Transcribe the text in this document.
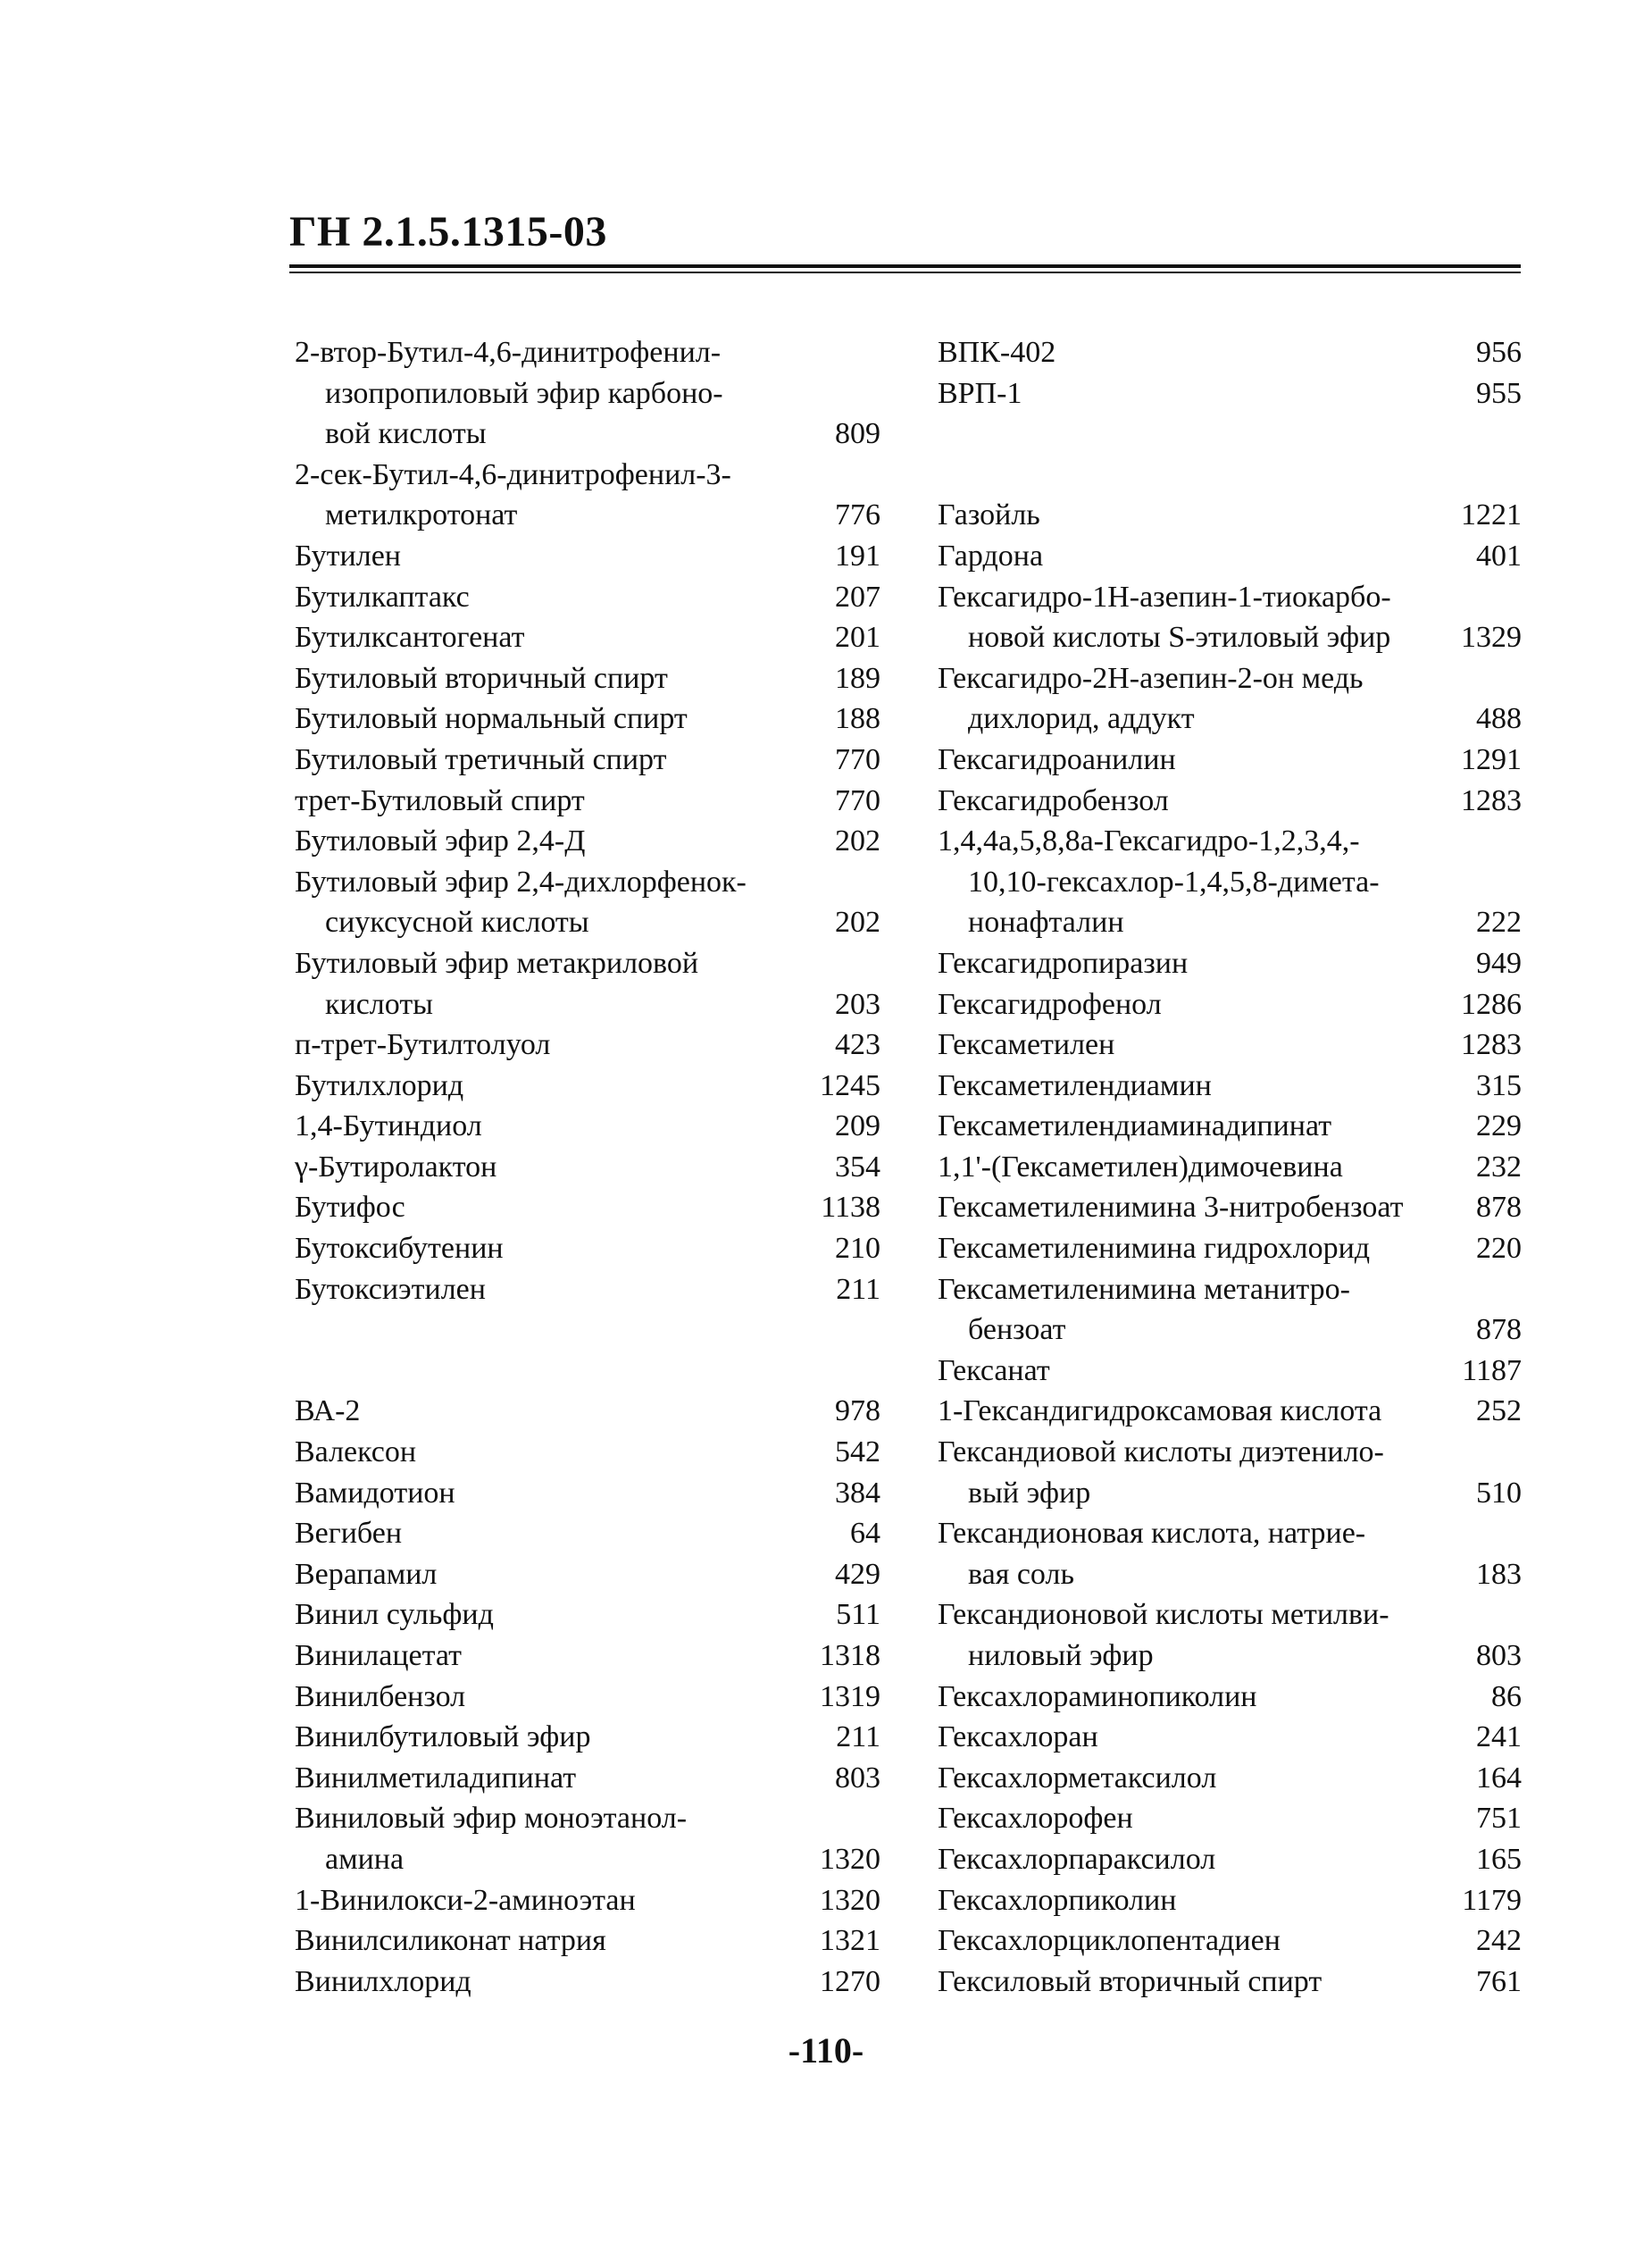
ГН 2.1.5.1315-03
2-втор-Бутил-4,6-динитрофенил-
изопропиловый эфир карбоно-
вой кислоты	809
2-сек-Бутил-4,6-динитрофенил-3-
метилкротонат	776
Бутилен	191
Бутилкаптакс	207
Бутилксантогенат	201
Бутиловый вторичный спирт	189
Бутиловый нормальный спирт	188
Бутиловый третичный спирт	770
трет-Бутиловый спирт	770
Бутиловый эфир 2,4-Д	202
Бутиловый эфир 2,4-дихлорфенок-
сиуксусной кислоты	202
Бутиловый эфир метакриловой
кислоты	203
п-трет-Бутилтолуол	423
Бутилхлорид	1245
1,4-Бутиндиол	209
γ-Бутиролактон	354
Бутифос	1138
Бутоксибутенин	210
Бутоксиэтилен	211
ВА-2	978
Валексон	542
Вамидотион	384
Вегибен	64
Верапамил	429
Винил сульфид	511
Винилацетат	1318
Винилбензол	1319
Винилбутиловый эфир	211
Винилметиладипинат	803
Виниловый эфир моноэтанол-
амина	1320
1-Винилокси-2-аминоэтан	1320
Винилсиликонат натрия	1321
Винилхлорид	1270
ВПК-402	956
ВРП-1	955
Газойль	1221
Гардона	401
Гексагидро-1Н-азепин-1-тиокарбо-
новой кислоты S-этиловый эфир 1329
Гексагидро-2Н-азепин-2-он медь
дихлорид, аддукт	488
Гексагидроанилин	1291
Гексагидробензол	1283
1,4,4а,5,8,8а-Гексагидро-1,2,3,4,-
10,10-гексахлор-1,4,5,8-димета-
нонафталин	222
Гексагидропиразин	949
Гексагидрофенол	1286
Гексаметилен	1283
Гексаметилендиамин	315
Гексаметилендиаминадипинат	229
1,1'-(Гексаметилен)димочевина	232
Гексаметиленимина 3-нитробензоат 878
Гексаметиленимина гидрохлорид	220
Гексаметиленимина метанитро-
бензоат	878
Гексанат	1187
1-Гександигидроксамовая кислота	252
Гександиовой кислоты диэтенило-
вый эфир	510
Гександионовая кислота, натрие-
вая соль	183
Гександионовой кислоты метилви-
ниловый эфир	803
Гексахлораминопиколин	86
Гексахлоран	241
Гексахлорметаксилол	164
Гексахлорофен	751
Гексахлорпараксилол	165
Гексахлорпиколин	1179
Гексахлорциклопентадиен	242
Гексиловый вторичный спирт	761

-110-
